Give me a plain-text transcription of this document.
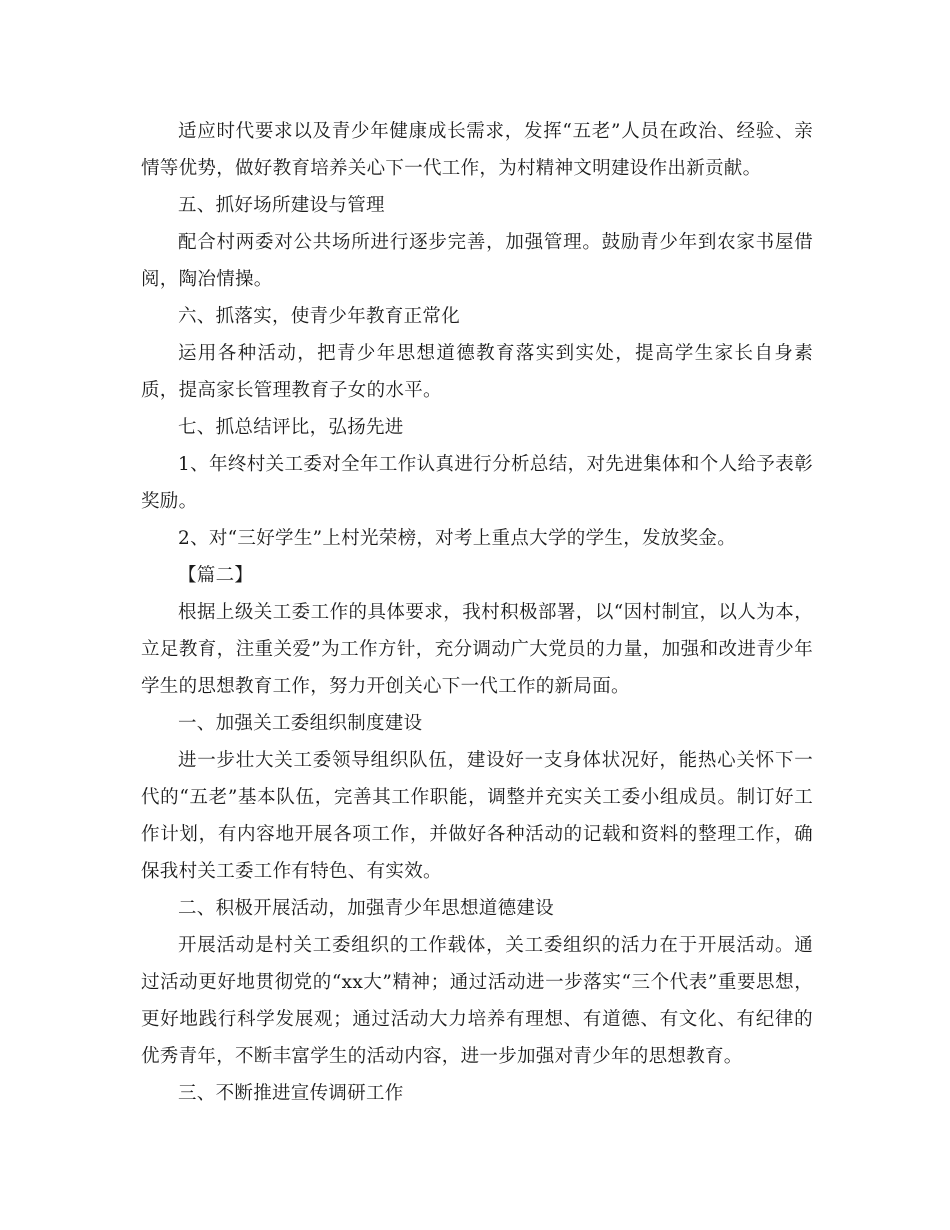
适应时代要求以及青少年健康成长需求，发挥“五老”人员在政治、经验、亲情等优势，做好教育培养关心下一代工作，为村精神文明建设作出新贡献。

五、抓好场所建设与管理

配合村两委对公共场所进行逐步完善，加强管理。鼓励青少年到农家书屋借阅，陶冶情操。

六、抓落实，使青少年教育正常化

运用各种活动，把青少年思想道德教育落实到实处，提高学生家长自身素质，提高家长管理教育子女的水平。

七、抓总结评比，弘扬先进

1、年终村关工委对全年工作认真进行分析总结，对先进集体和个人给予表彰奖励。

2、对“三好学生”上村光荣榜，对考上重点大学的学生，发放奖金。

【篇二】

根据上级关工委工作的具体要求，我村积极部署，以“因村制宜，以人为本，立足教育，注重关爱”为工作方针，充分调动广大党员的力量，加强和改进青少年学生的思想教育工作，努力开创关心下一代工作的新局面。

一、加强关工委组织制度建设

进一步壮大关工委领导组织队伍，建设好一支身体状况好，能热心关怀下一代的“五老”基本队伍，完善其工作职能，调整并充实关工委小组成员。制订好工作计划，有内容地开展各项工作，并做好各种活动的记载和资料的整理工作，确保我村关工委工作有特色、有实效。

二、积极开展活动，加强青少年思想道德建设

开展活动是村关工委组织的工作载体，关工委组织的活力在于开展活动。通过活动更好地贯彻党的“xx大”精神；通过活动进一步落实“三个代表”重要思想，更好地践行科学发展观；通过活动大力培养有理想、有道德、有文化、有纪律的优秀青年，不断丰富学生的活动内容，进一步加强对青少年的思想教育。

三、不断推进宣传调研工作
